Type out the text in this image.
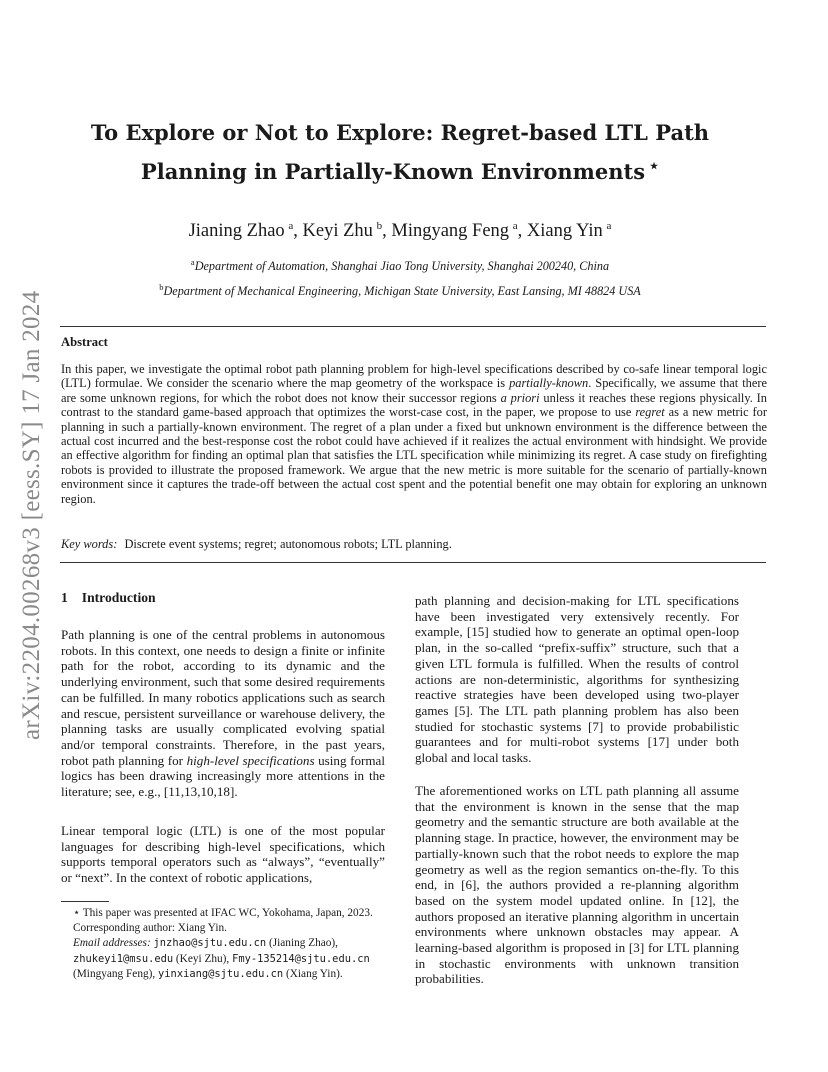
arXiv:2204.00268v3 [eess.SY] 17 Jan 2024
To Explore or Not to Explore: Regret-based LTL Path
Planning in Partially-Known Environments ⋆
Jianing Zhao  $^a$, Keyi Zhu  $^b$, Mingyang Feng  $^a$, Xiang Yin  $^a$
$^a$Department of Automation, Shanghai Jiao Tong University, Shanghai 200240, China
$^b$Department of Mechanical Engineering, Michigan State University, East Lansing, MI 48824 USA
Abstract
In this paper, we investigate the optimal robot path planning problem for high-level specifications described by co-safe linear temporal logic (LTL) formulae. We consider the scenario where the map geometry of the workspace is partially-known. Specifically, we assume that there are some unknown regions, for which the robot does not know their successor regions a priori unless it reaches these regions physically. In contrast to the standard game-based approach that optimizes the worst-case cost, in the paper, we propose to use regret as a new metric for planning in such a partially-known environment. The regret of a plan under a fixed but unknown environment is the difference between the actual cost incurred and the best-response cost the robot could have achieved if it realizes the actual environment with hindsight. We provide an effective algorithm for finding an optimal plan that satisfies the LTL specification while minimizing its regret. A case study on firefighting robots is provided to illustrate the proposed framework. We argue that the new metric is more suitable for the scenario of partially-known environment since it captures the trade-off between the actual cost spent and the potential benefit one may obtain for exploring an unknown region.
Key words: Discrete event systems; regret; autonomous robots; LTL planning.
1 Introduction

Path planning is one of the central problems in autonomous robots. In this context, one needs to design a finite or infinite path for the robot, according to its dynamic and the underlying environment, such that some desired requirements can be fulfilled. In many robotics applications such as search and rescue, persistent surveillance or warehouse delivery, the planning tasks are usually complicated evolving spatial and/or temporal constraints. Therefore, in the past years, robot path planning for high-level specifications using formal logics has been drawing increasingly more attentions in the literature; see, e.g., [11,13,10,18].

Linear temporal logic (LTL) is one of the most popular languages for describing high-level specifications, which supports temporal operators such as “always”, “eventually” or “next”. In the context of robotic applications,

path planning and decision-making for LTL specifications have been investigated very extensively recently. For example, [15] studied how to generate an optimal open-loop plan, in the so-called “prefix-suffix” structure, such that a given LTL formula is fulfilled. When the results of control actions are non-deterministic, algorithms for synthesizing reactive strategies have been developed using two-player games [5]. The LTL path planning problem has also been studied for stochastic systems [7] to provide probabilistic guarantees and for multi-robot systems [17] under both global and local tasks.

The aforementioned works on LTL path planning all assume that the environment is known in the sense that the map geometry and the semantic structure are both available at the planning stage. In practice, however, the environment may be partially-known such that the robot needs to explore the map geometry as well as the region semantics on-the-fly. To this end, in [6], the authors provided a re-planning algorithm based on the system model updated online. In [12], the authors proposed an iterative planning algorithm in uncertain environments where unknown obstacles may appear. A learning-based algorithm is proposed in [3] for LTL planning in stochastic environments with unknown transition probabilities.

⋆ This paper was presented at IFAC WC, Yokohama, Japan, 2023. Corresponding author: Xiang Yin.
Email addresses: jnzhao@sjtu.edu.cn (Jianing Zhao), zhukeyi1@msu.edu (Keyi Zhu), Fmy-135214@sjtu.edu.cn (Mingyang Feng), yinxiang@sjtu.edu.cn (Xiang Yin).
